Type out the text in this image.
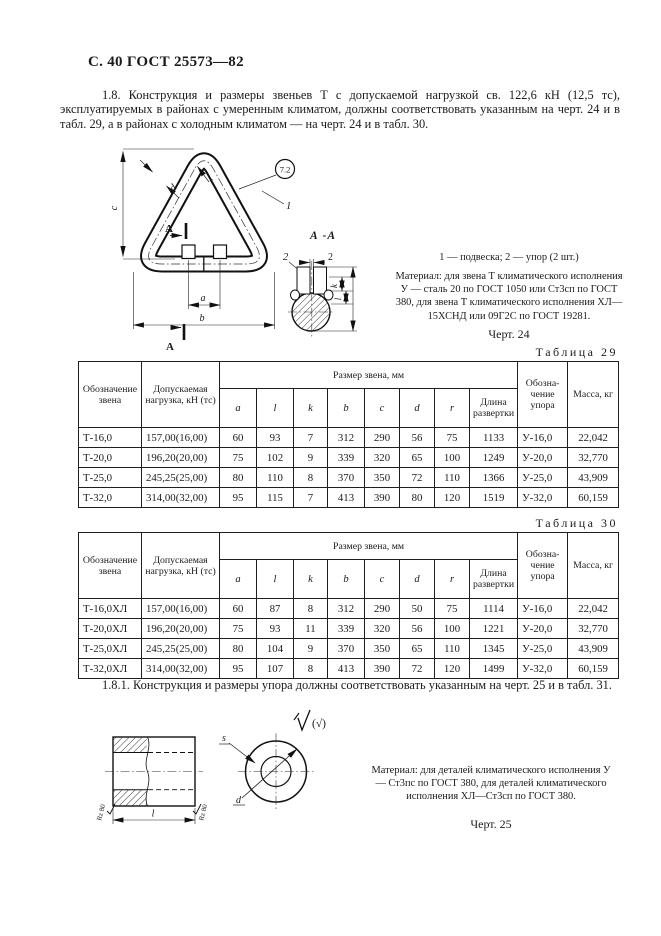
С. 40 ГОСТ 25573—82
1.8. Конструкция и размеры звеньев Т с допускаемой нагрузкой св. 122,6 кН (12,5 тс), эксплуатируемых в районах с умеренным климатом, должны соответствовать указанным на черт. 24 и в табл. 29, а в районах с холодным климатом — на черт. 24 и в табл. 30.
c
d
r
1
7.2
А
А
a
b
А -А
2	2
k
l
1 — подвеска; 2 — упор (2 шт.)
Материал: для звена Т климатического исполнения У — сталь 20 по ГОСТ 1050 или Ст3сп по ГОСТ 380, для звена Т климатического исполнения ХЛ—15ХСНД или 09Г2С по ГОСТ 19281.
Черт. 24
Таблица 29
Обозначение звена	Допускаемая нагрузка, кН (тс)	Размер звена, мм								Обозна-чение упора	Масса, кг
		a	l	k	b	c	d	r	Длина развертки		
Т-16,0	157,00(16,00)	60	93	7	312	290	56	75	1133	У-16,0	22,042
Т-20,0	196,20(20,00)	75	102	9	339	320	65	100	1249	У-20,0	32,770
Т-25,0	245,25(25,00)	80	110	8	370	350	72	110	1366	У-25,0	43,909
Т-32,0	314,00(32,00)	95	115	7	413	390	80	120	1519	У-32,0	60,159
Таблица 30
Обозначение звена	Допускаемая нагрузка, кН (тс)	Размер звена, мм								Обозна-чение упора	Масса, кг
		a	l	k	b	c	d	r	Длина развертки		
Т-16,0ХЛ	157,00(16,00)	60	87	8	312	290	50	75	1114	У-16,0	22,042
Т-20,0ХЛ	196,20(20,00)	75	93	11	339	320	56	100	1221	У-20,0	32,770
Т-25,0ХЛ	245,25(25,00)	80	104	9	370	350	65	110	1345	У-25,0	43,909
Т-32,0ХЛ	314,00(32,00)	95	107	8	413	390	72	120	1499	У-32,0	60,159
1.8.1. Конструкция и размеры упора должны соответствовать указанным на черт. 25 и в табл. 31.
(√)
l
Rz 80	Rz 80
s
d
Материал: для деталей климатического исполнения У — Ст3пс по ГОСТ 380, для деталей климатического исполнения ХЛ—Ст3сп по ГОСТ 380.
Черт. 25
